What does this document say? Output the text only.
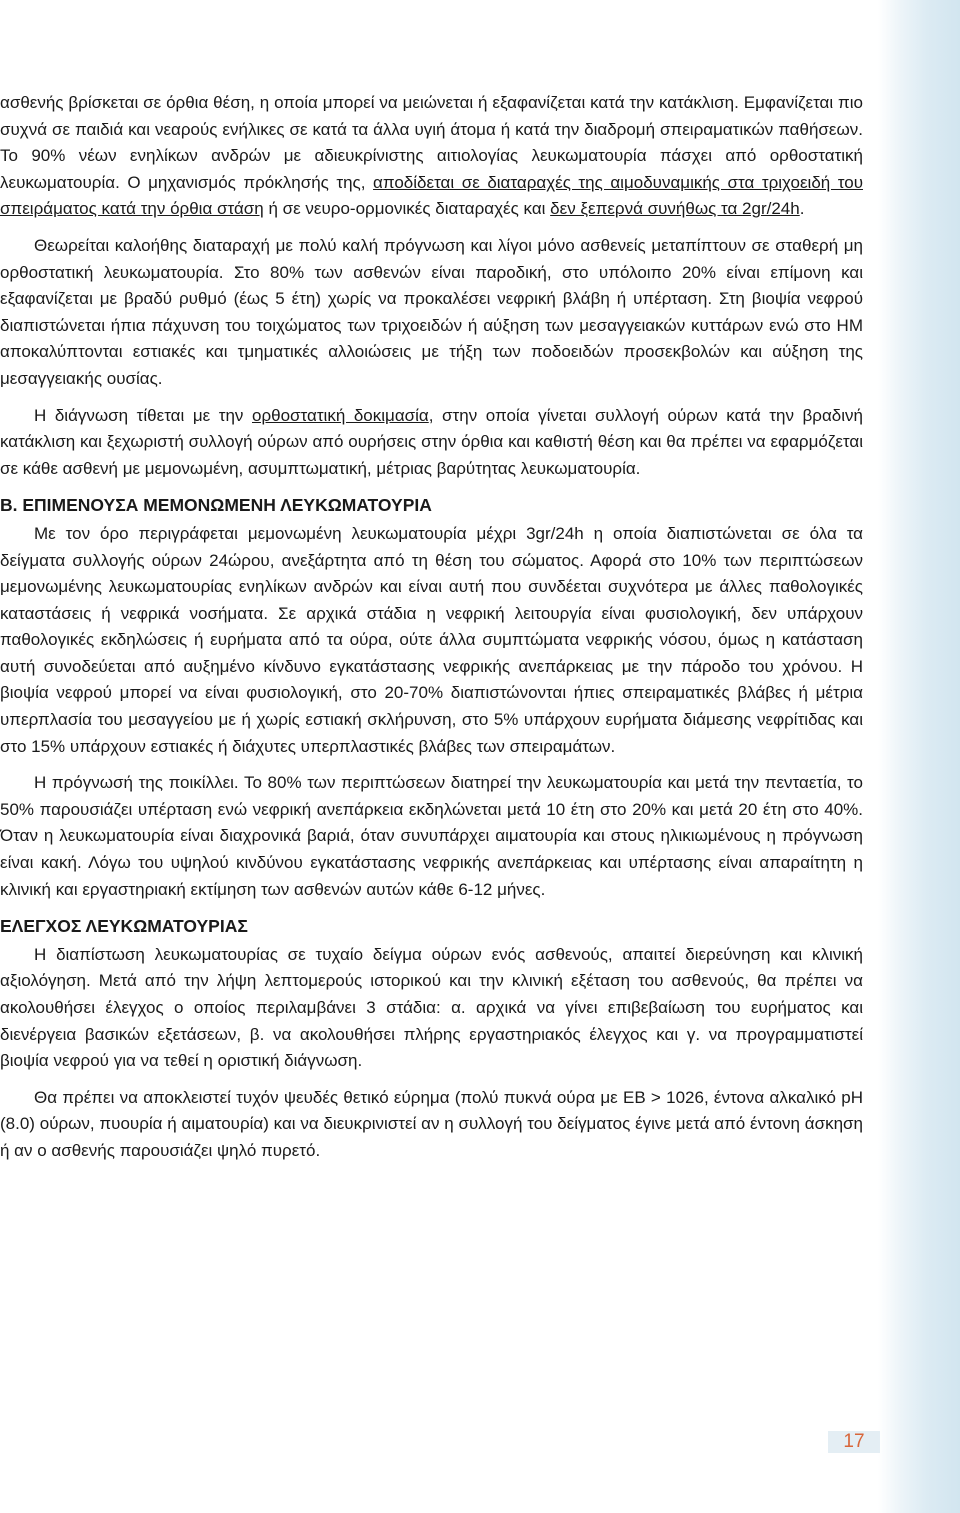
ασθενής βρίσκεται σε όρθια θέση, η οποία μπορεί να μειώνεται ή εξαφανίζεται κατά την κατάκλιση. Εμφανίζεται πιο συχνά σε παιδιά και νεαρούς ενήλικες σε κατά τα άλλα υγιή άτομα ή κατά την διαδρομή σπειραματικών παθήσεων. Το 90% νέων ενηλίκων ανδρών με αδιευκρίνιστης αιτιολογίας λευκωματουρία πάσχει από ορθοστατική λευκωματουρία. Ο μηχανισμός πρόκλησής της, αποδίδεται σε διαταραχές της αιμοδυναμικής στα τριχοειδή του σπειράματος κατά την όρθια στάση ή σε νευρο-ορμονικές διαταραχές και δεν ξεπερνά συνήθως τα 2gr/24h.

Θεωρείται καλοήθης διαταραχή με πολύ καλή πρόγνωση και λίγοι μόνο ασθενείς μεταπίπτουν σε σταθερή μη ορθοστατική λευκωματουρία. Στο 80% των ασθενών είναι παροδική, στο υπόλοιπο 20% είναι επίμονη και εξαφανίζεται με βραδύ ρυθμό (έως 5 έτη) χωρίς να προκαλέσει νεφρική βλάβη ή υπέρταση. Στη βιοψία νεφρού διαπιστώνεται ήπια πάχυνση του τοιχώματος των τριχοειδών ή αύξηση των μεσαγγειακών κυττάρων ενώ στο ΗΜ αποκαλύπτονται εστιακές και τμηματικές αλλοιώσεις με τήξη των ποδοειδών προσεκβολών και αύξηση της μεσαγγειακής ουσίας.

Η διάγνωση τίθεται με την ορθοστατική δοκιμασία, στην οποία γίνεται συλλογή ούρων κατά την βραδινή κατάκλιση και ξεχωριστή συλλογή ούρων από ουρήσεις στην όρθια και καθιστή θέση και θα πρέπει να εφαρμόζεται σε κάθε ασθενή με μεμονωμένη, ασυμπτωματική, μέτριας βαρύτητας λευκωματουρία.

Β. ΕΠΙΜΕΝΟΥΣΑ ΜΕΜΟΝΩΜΕΝΗ ΛΕΥΚΩΜΑΤΟΥΡΙΑ

Με τον όρο περιγράφεται μεμονωμένη λευκωματουρία μέχρι 3gr/24h η οποία διαπιστώνεται σε όλα τα δείγματα συλλογής ούρων 24ώρου, ανεξάρτητα από τη θέση του σώματος. Αφορά στο 10% των περιπτώσεων μεμονωμένης λευκωματουρίας ενηλίκων ανδρών και είναι αυτή που συνδέεται συχνότερα με άλλες παθολογικές καταστάσεις ή νεφρικά νοσήματα. Σε αρχικά στάδια η νεφρική λειτουργία είναι φυσιολογική, δεν υπάρχουν παθολογικές εκδηλώσεις ή ευρήματα από τα ούρα, ούτε άλλα συμπτώματα νεφρικής νόσου, όμως η κατάσταση αυτή συνοδεύεται από αυξημένο κίνδυνο εγκατάστασης νεφρικής ανεπάρκειας με την πάροδο του χρόνου. Η βιοψία νεφρού μπορεί να είναι φυσιολογική, στο 20-70% διαπιστώνονται ήπιες σπειραματικές βλάβες ή μέτρια υπερπλασία του μεσαγγείου με ή χωρίς εστιακή σκλήρυνση, στο 5% υπάρχουν ευρήματα διάμεσης νεφρίτιδας και στο 15% υπάρχουν εστιακές ή διάχυτες υπερπλαστικές βλάβες των σπειραμάτων.

Η πρόγνωσή της ποικίλλει. Το 80% των περιπτώσεων διατηρεί την λευκωματουρία και μετά την πενταετία, το 50% παρουσιάζει υπέρταση ενώ νεφρική ανεπάρκεια εκδηλώνεται μετά 10 έτη στο 20% και μετά 20 έτη στο 40%. Όταν η λευκωματουρία είναι διαχρονικά βαριά, όταν συνυπάρχει αιματουρία και στους ηλικιωμένους η πρόγνωση είναι κακή. Λόγω του υψηλού κινδύνου εγκατάστασης νεφρικής ανεπάρκειας και υπέρτασης είναι απαραίτητη η κλινική και εργαστηριακή εκτίμηση των ασθενών αυτών κάθε 6-12 μήνες.

ΕΛΕΓΧΟΣ ΛΕΥΚΩΜΑΤΟΥΡΙΑΣ

Η διαπίστωση λευκωματουρίας σε τυχαίο δείγμα ούρων ενός ασθενούς, απαιτεί διερεύνηση και κλινική αξιολόγηση. Μετά από την λήψη λεπτομερούς ιστορικού και την κλινική εξέταση του ασθενούς, θα πρέπει να ακολουθήσει έλεγχος ο οποίος περιλαμβάνει 3 στάδια: α. αρχικά να γίνει επιβεβαίωση του ευρήματος και διενέργεια βασικών εξετάσεων, β. να ακολουθήσει πλήρης εργαστηριακός έλεγχος και γ. να προγραμματιστεί βιοψία νεφρού για να τεθεί η οριστική διάγνωση.

Θα πρέπει να αποκλειστεί τυχόν ψευδές θετικό εύρημα (πολύ πυκνά ούρα με ΕΒ > 1026, έντονα αλκαλικό pH (8.0) ούρων, πυουρία ή αιματουρία) και να διευκρινιστεί αν η συλλογή του δείγματος έγινε μετά από έντονη άσκηση ή αν ο ασθενής παρουσιάζει ψηλό πυρετό.

17
